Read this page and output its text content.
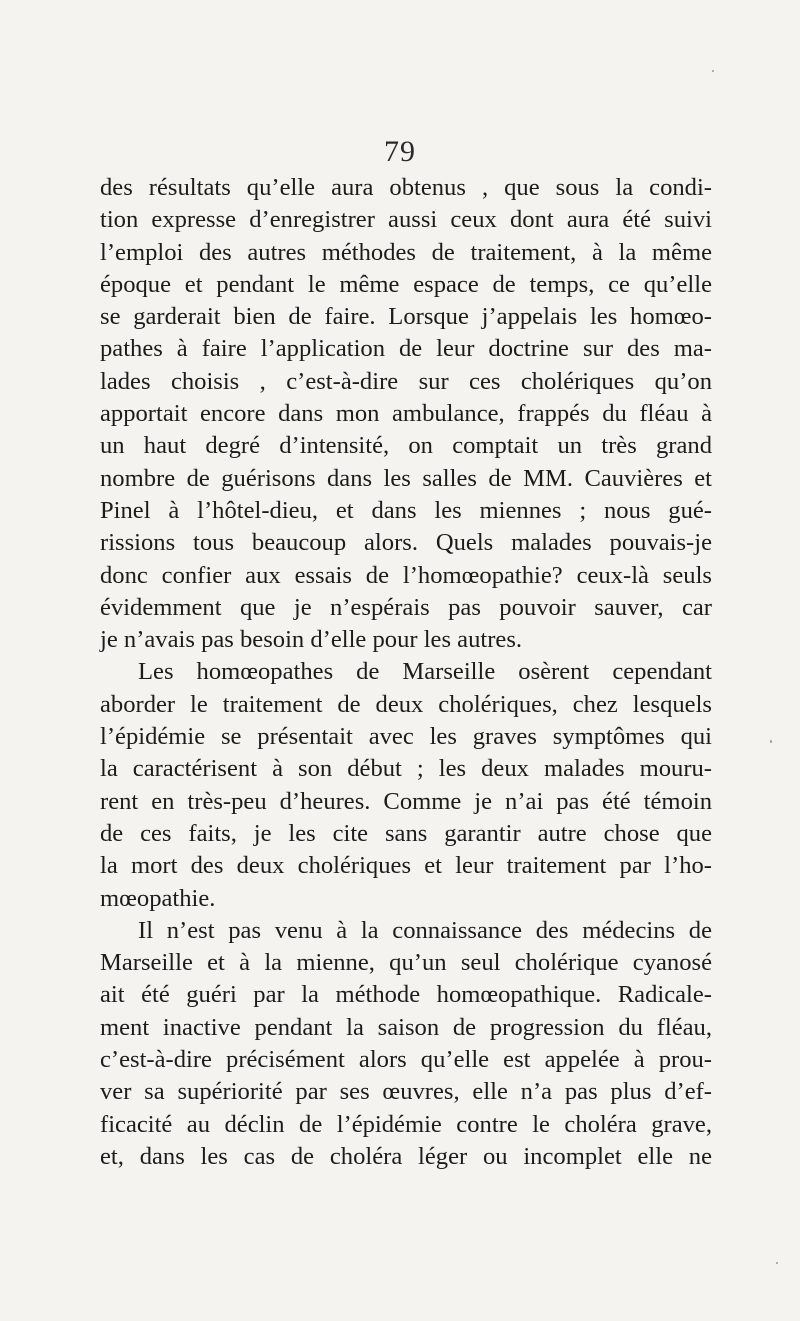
79
des résultats qu’elle aura obtenus , que sous la condi-
tion expresse d’enregistrer aussi ceux dont aura été suivi
l’emploi des autres méthodes de traitement, à la même
époque et pendant le même espace de temps, ce qu’elle
se garderait bien de faire. Lorsque j’appelais les homœo-
pathes à faire l’application de leur doctrine sur des ma-
lades choisis , c’est-à-dire sur ces cholériques qu’on
apportait encore dans mon ambulance, frappés du fléau à
un haut degré d’intensité, on comptait un très grand
nombre de guérisons dans les salles de MM. Cauvières et
Pinel à l’hôtel-dieu, et dans les miennes ; nous gué-
rissions tous beaucoup alors. Quels malades pouvais-je
donc confier aux essais de l’homœopathie? ceux-là seuls
évidemment que je n’espérais pas pouvoir sauver, car
je n’avais pas besoin d’elle pour les autres.
Les homœopathes de Marseille osèrent cependant
aborder le traitement de deux cholériques, chez lesquels
l’épidémie se présentait avec les graves symptômes qui
la caractérisent à son début ; les deux malades mouru-
rent en très-peu d’heures. Comme je n’ai pas été témoin
de ces faits, je les cite sans garantir autre chose que
la mort des deux cholériques et leur traitement par l’ho-
mœopathie.
Il n’est pas venu à la connaissance des médecins de
Marseille et à la mienne, qu’un seul cholérique cyanosé
ait été guéri par la méthode homœopathique. Radicale-
ment inactive pendant la saison de progression du fléau,
c’est-à-dire précisément alors qu’elle est appelée à prou-
ver sa supériorité par ses œuvres, elle n’a pas plus d’ef-
ficacité au déclin de l’épidémie contre le choléra grave,
et, dans les cas de choléra léger ou incomplet elle ne
